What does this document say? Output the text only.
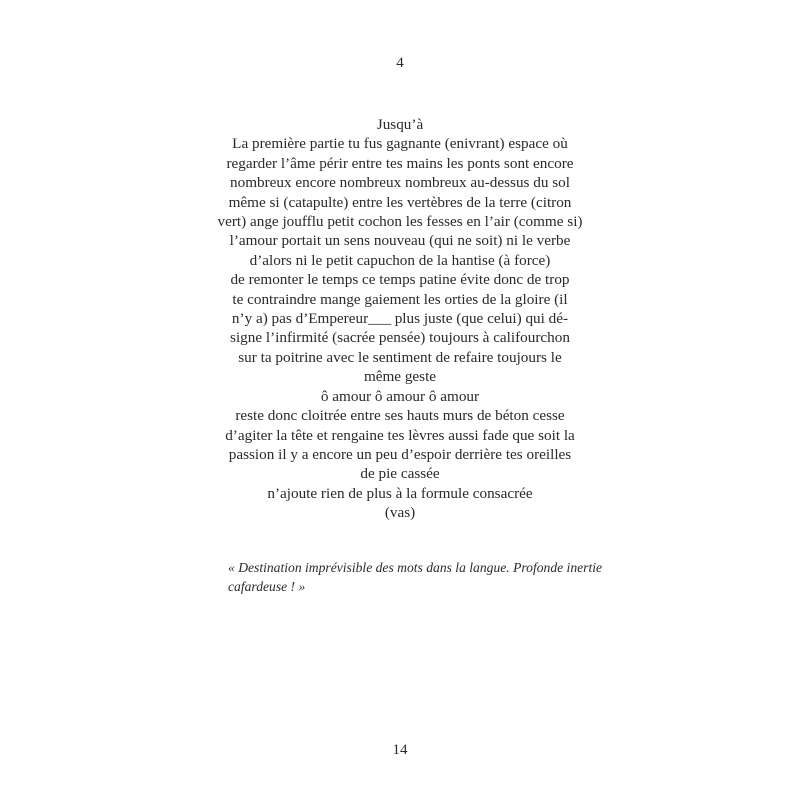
4
Jusqu’à
La première partie tu fus gagnante (enivrant) espace où
regarder l’âme périr entre tes mains les ponts sont encore
nombreux encore nombreux nombreux au-dessus du sol
même si (catapulte) entre les vertèbres de la terre (citron
vert) ange joufflu petit cochon les fesses en l’air (comme si)
l’amour portait un sens nouveau (qui ne soit) ni le verbe
d’alors ni le petit capuchon de la hantise (à force)
de remonter le temps ce temps patine évite donc de trop
te contraindre mange gaiement les orties de la gloire (il
n’y a) pas d’Empereur___ plus juste (que celui) qui dé-
signe l’infirmité (sacrée pensée) toujours à califourchon
sur ta poitrine avec le sentiment de refaire toujours le
même geste
ô amour ô amour ô amour
reste donc cloitrée entre ses hauts murs de béton cesse
d’agiter la tête et rengaine tes lèvres aussi fade que soit la
passion il y a encore un peu d’espoir derrière tes oreilles
de pie cassée
n’ajoute rien de plus à la formule consacrée
(vas)
« Destination imprévisible des mots dans la langue. Profonde inertie
cafardeuse ! »
14
